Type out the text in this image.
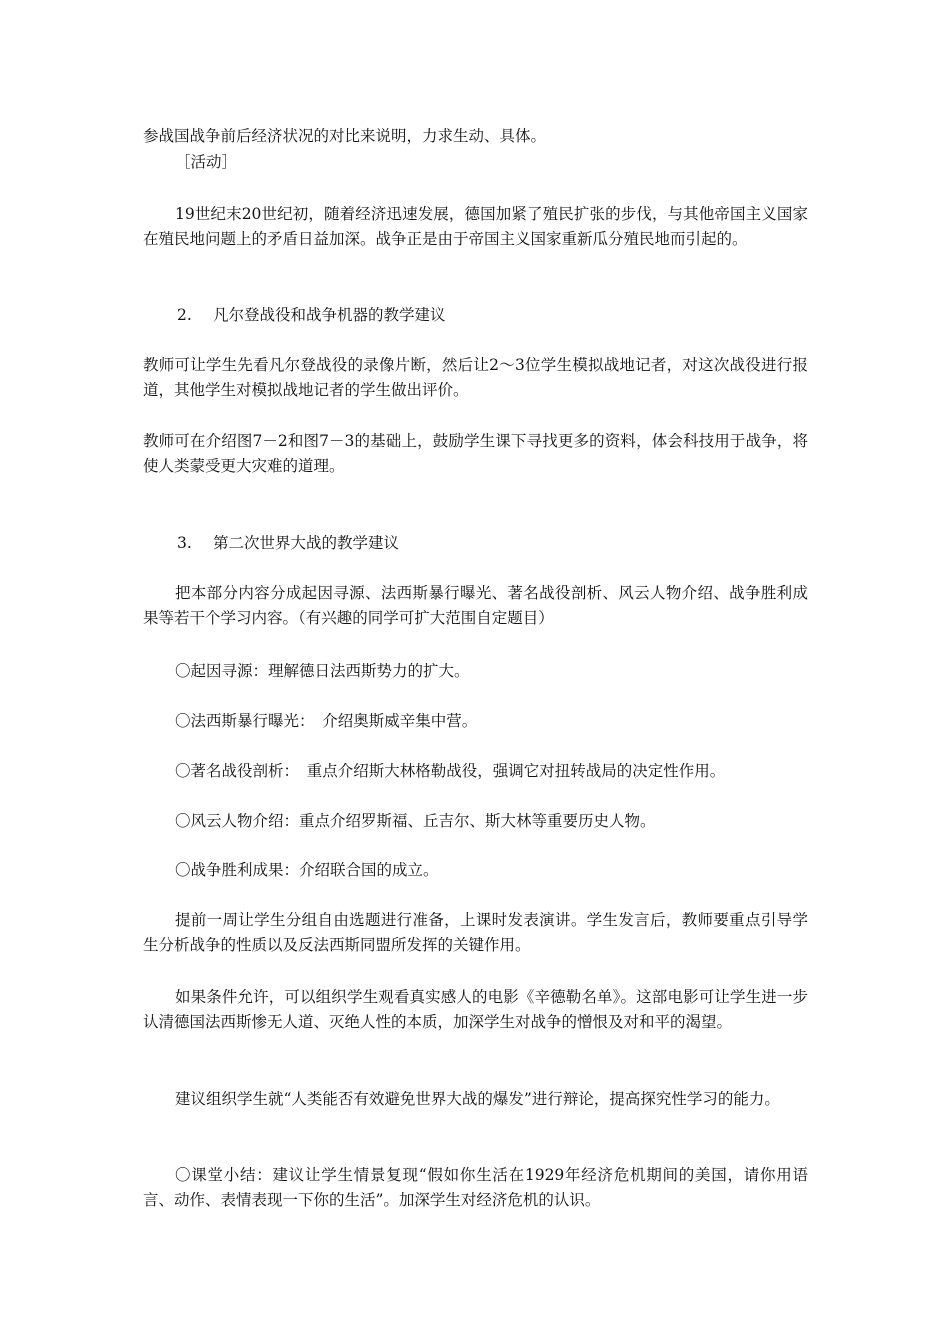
参战国战争前后经济状况的对比来说明，力求生动、具体。

［活动］

19世纪末20世纪初，随着经济迅速发展，德国加紧了殖民扩张的步伐，与其他帝国主义国家在殖民地问题上的矛盾日益加深。战争正是由于帝国主义国家重新瓜分殖民地而引起的。

2. 凡尔登战役和战争机器的教学建议

教师可让学生先看凡尔登战役的录像片断，然后让2～3位学生模拟战地记者，对这次战役进行报道，其他学生对模拟战地记者的学生做出评价。

教师可在介绍图7－2和图7－3的基础上，鼓励学生课下寻找更多的资料，体会科技用于战争，将使人类蒙受更大灾难的道理。

3. 第二次世界大战的教学建议

把本部分内容分成起因寻源、法西斯暴行曝光、著名战役剖析、风云人物介绍、战争胜利成果等若干个学习内容。（有兴趣的同学可扩大范围自定题目）

〇起因寻源：理解德日法西斯势力的扩大。

〇法西斯暴行曝光：　介绍奥斯威辛集中营。

〇著名战役剖析：　重点介绍斯大林格勒战役，强调它对扭转战局的决定性作用。

〇风云人物介绍：重点介绍罗斯福、丘吉尔、斯大林等重要历史人物。

〇战争胜利成果：介绍联合国的成立。

提前一周让学生分组自由选题进行准备，上课时发表演讲。学生发言后，教师要重点引导学生分析战争的性质以及反法西斯同盟所发挥的关键作用。

如果条件允许，可以组织学生观看真实感人的电影《辛德勒名单》。这部电影可让学生进一步认清德国法西斯惨无人道、灭绝人性的本质，加深学生对战争的憎恨及对和平的渴望。

建议组织学生就“人类能否有效避免世界大战的爆发”进行辩论，提高探究性学习的能力。

〇课堂小结：建议让学生情景复现“假如你生活在1929年经济危机期间的美国，请你用语言、动作、表情表现一下你的生活”。加深学生对经济危机的认识。
